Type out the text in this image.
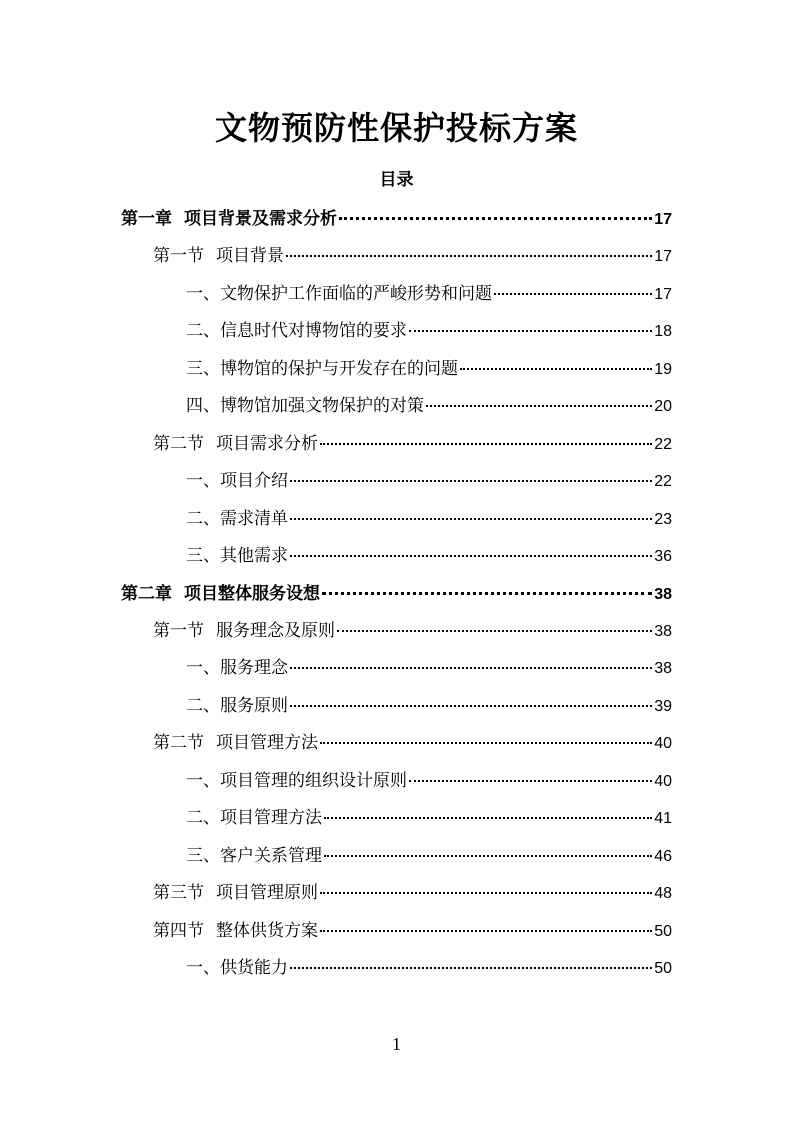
文物预防性保护投标方案
目录
第一章 项目背景及需求分析	17
第一节 项目背景	17
一、文物保护工作面临的严峻形势和问题	17
二、信息时代对博物馆的要求	18
三、博物馆的保护与开发存在的问题	19
四、博物馆加强文物保护的对策	20
第二节 项目需求分析	22
一、项目介绍	22
二、需求清单	23
三、其他需求	36
第二章 项目整体服务设想	38
第一节 服务理念及原则	38
一、服务理念	38
二、服务原则	39
第二节 项目管理方法	40
一、项目管理的组织设计原则	40
二、项目管理方法	41
三、客户关系管理	46
第三节 项目管理原则	48
第四节 整体供货方案	50
一、供货能力	50
1
